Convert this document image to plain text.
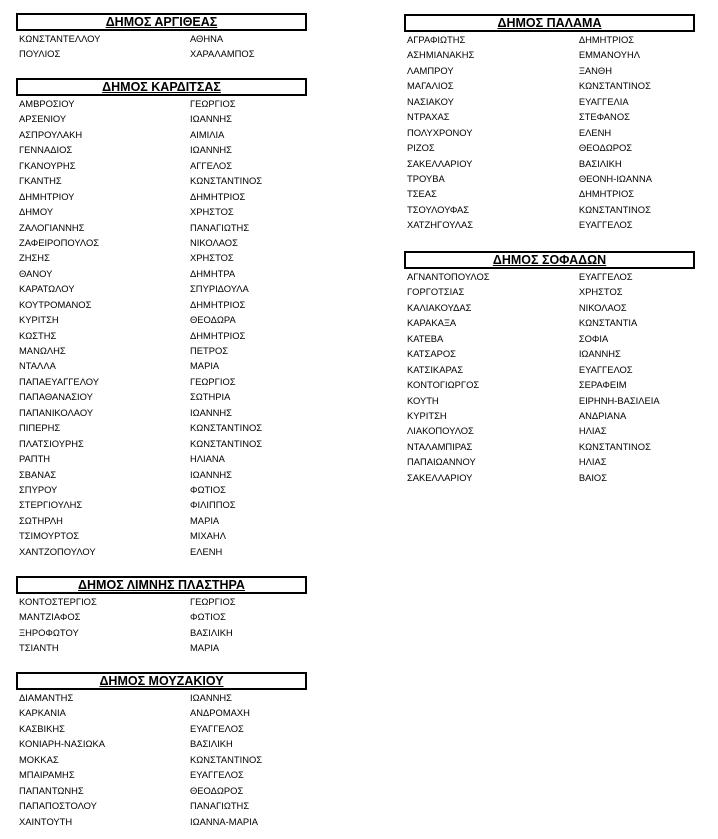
ΔΗΜΟΣ ΑΡΓΙΘΕΑΣ
ΚΩΝΣΤΑΝΤΕΛΛΟΥ	ΑΘΗΝΑ
ΠΟΥΛΙΟΣ	ΧΑΡΑΛΑΜΠΟΣ
ΔΗΜΟΣ ΚΑΡΔΙΤΣΑΣ
ΑΜΒΡΟΣΙΟΥ	ΓΕΩΡΓΙΟΣ
ΑΡΣΕΝΙΟΥ	ΙΩΑΝΝΗΣ
ΑΣΠΡΟΥΛΑΚΗ	ΑΙΜΙΛΙΑ
ΓΕΝΝΑΔΙΟΣ	ΙΩΑΝΝΗΣ
ΓΚΑΝΟΥΡΗΣ	ΑΓΓΕΛΟΣ
ΓΚΑΝΤΗΣ	ΚΩΝΣΤΑΝΤΙΝΟΣ
ΔΗΜΗΤΡΙΟΥ	ΔΗΜΗΤΡΙΟΣ
ΔΗΜΟΥ	ΧΡΗΣΤΟΣ
ΖΑΛΟΓΙΑΝΝΗΣ	ΠΑΝΑΓΙΩΤΗΣ
ΖΑΦΕΙΡΟΠΟΥΛΟΣ	ΝΙΚΟΛΑΟΣ
ΖΗΣΗΣ	ΧΡΗΣΤΟΣ
ΘΑΝΟΥ	ΔΗΜΗΤΡΑ
ΚΑΡΑΤΩΛΟΥ	ΣΠΥΡΙΔΟΥΛΑ
ΚΟΥΤΡΟΜΑΝΟΣ	ΔΗΜΗΤΡΙΟΣ
ΚΥΡΙΤΣΗ	ΘΕΟΔΩΡΑ
ΚΩΣΤΗΣ	ΔΗΜΗΤΡΙΟΣ
ΜΑΝΩΛΗΣ	ΠΕΤΡΟΣ
ΝΤΑΛΛΑ	ΜΑΡΙΑ
ΠΑΠΑΕΥΑΓΓΕΛΟΥ	ΓΕΩΡΓΙΟΣ
ΠΑΠΑΘΑΝΑΣΙΟΥ	ΣΩΤΗΡΙΑ
ΠΑΠΑΝΙΚΟΛΑΟΥ	ΙΩΑΝΝΗΣ
ΠΙΠΕΡΗΣ	ΚΩΝΣΤΑΝΤΙΝΟΣ
ΠΛΑΤΣΙΟΥΡΗΣ	ΚΩΝΣΤΑΝΤΙΝΟΣ
ΡΑΠΤΗ	ΗΛΙΑΝΑ
ΣΒΑΝΑΣ	ΙΩΑΝΝΗΣ
ΣΠΥΡΟΥ	ΦΩΤΙΟΣ
ΣΤΕΡΓΙΟΥΛΗΣ	ΦΙΛΙΠΠΟΣ
ΣΩΤΗΡΛΗ	ΜΑΡΙΑ
ΤΣΙΜΟΥΡΤΟΣ	ΜΙΧΑΗΛ
ΧΑΝΤΖΟΠΟΥΛΟΥ	ΕΛΕΝΗ
ΔΗΜΟΣ ΛΙΜΝΗΣ ΠΛΑΣΤΗΡΑ
ΚΟΝΤΟΣΤΕΡΓΙΟΣ	ΓΕΩΡΓΙΟΣ
ΜΑΝΤΖΙΑΦΟΣ	ΦΩΤΙΟΣ
ΞΗΡΟΦΩΤΟΥ	ΒΑΣΙΛΙΚΗ
ΤΣΙΑΝΤΗ	ΜΑΡΙΑ
ΔΗΜΟΣ ΜΟΥΖΑΚΙΟΥ
ΔΙΑΜΑΝΤΗΣ	ΙΩΑΝΝΗΣ
ΚΑΡΚΑΝΙΑ	ΑΝΔΡΟΜΑΧΗ
ΚΑΣΒΙΚΗΣ	ΕΥΑΓΓΕΛΟΣ
ΚΟΝΙΑΡΗ-ΝΑΣΙΩΚΑ	ΒΑΣΙΛΙΚΗ
ΜΟΚΚΑΣ	ΚΩΝΣΤΑΝΤΙΝΟΣ
ΜΠΑΙΡΑΜΗΣ	ΕΥΑΓΓΕΛΟΣ
ΠΑΠΑΝΤΩΝΗΣ	ΘΕΟΔΩΡΟΣ
ΠΑΠΑΠΟΣΤΟΛΟΥ	ΠΑΝΑΓΙΩΤΗΣ
ΧΑΙΝΤΟΥΤΗ	ΙΩΑΝΝΑ-ΜΑΡΙΑ
ΔΗΜΟΣ ΠΑΛΑΜΑ
ΑΓΡΑΦΙΩΤΗΣ	ΔΗΜΗΤΡΙΟΣ
ΑΣΗΜΙΑΝΑΚΗΣ	ΕΜΜΑΝΟΥΗΛ
ΛΑΜΠΡΟΥ	ΞΑΝΘΗ
ΜΑΓΑΛΙΟΣ	ΚΩΝΣΤΑΝΤΙΝΟΣ
ΝΑΣΙΑΚΟΥ	ΕΥΑΓΓΕΛΙΑ
ΝΤΡΑΧΑΣ	ΣΤΕΦΑΝΟΣ
ΠΟΛΥΧΡΟΝΟΥ	ΕΛΕΝΗ
ΡΙΖΟΣ	ΘΕΟΔΩΡΟΣ
ΣΑΚΕΛΛΑΡΙΟΥ	ΒΑΣΙΛΙΚΗ
ΤΡΟΥΒΑ	ΘΕΟΝΗ-ΙΩΑΝΝΑ
ΤΣΕΑΣ	ΔΗΜΗΤΡΙΟΣ
ΤΣΟΥΛΟΥΦΑΣ	ΚΩΝΣΤΑΝΤΙΝΟΣ
ΧΑΤΖΗΓΟΥΛΑΣ	ΕΥΑΓΓΕΛΟΣ
ΔΗΜΟΣ ΣΟΦΑΔΩΝ
ΑΓΝΑΝΤΟΠΟΥΛΟΣ	ΕΥΑΓΓΕΛΟΣ
ΓΟΡΓΟΤΣΙΑΣ	ΧΡΗΣΤΟΣ
ΚΑΛΙΑΚΟΥΔΑΣ	ΝΙΚΟΛΑΟΣ
ΚΑΡΑΚΑΞΑ	ΚΩΝΣΤΑΝΤΙΑ
ΚΑΤΕΒΑ	ΣΟΦΙΑ
ΚΑΤΣΑΡΟΣ	ΙΩΑΝΝΗΣ
ΚΑΤΣΙΚΑΡΑΣ	ΕΥΑΓΓΕΛΟΣ
ΚΟΝΤΟΓΙΩΡΓΟΣ	ΣΕΡΑΦΕΙΜ
ΚΟΥΤΗ	ΕΙΡΗΝΗ-ΒΑΣΙΛΕΙΑ
ΚΥΡΙΤΣΗ	ΑΝΔΡΙΑΝΑ
ΛΙΑΚΟΠΟΥΛΟΣ	ΗΛΙΑΣ
ΝΤΑΛΑΜΠΙΡΑΣ	ΚΩΝΣΤΑΝΤΙΝΟΣ
ΠΑΠΑΙΩΑΝΝΟΥ	ΗΛΙΑΣ
ΣΑΚΕΛΛΑΡΙΟΥ	ΒΑΙΟΣ
